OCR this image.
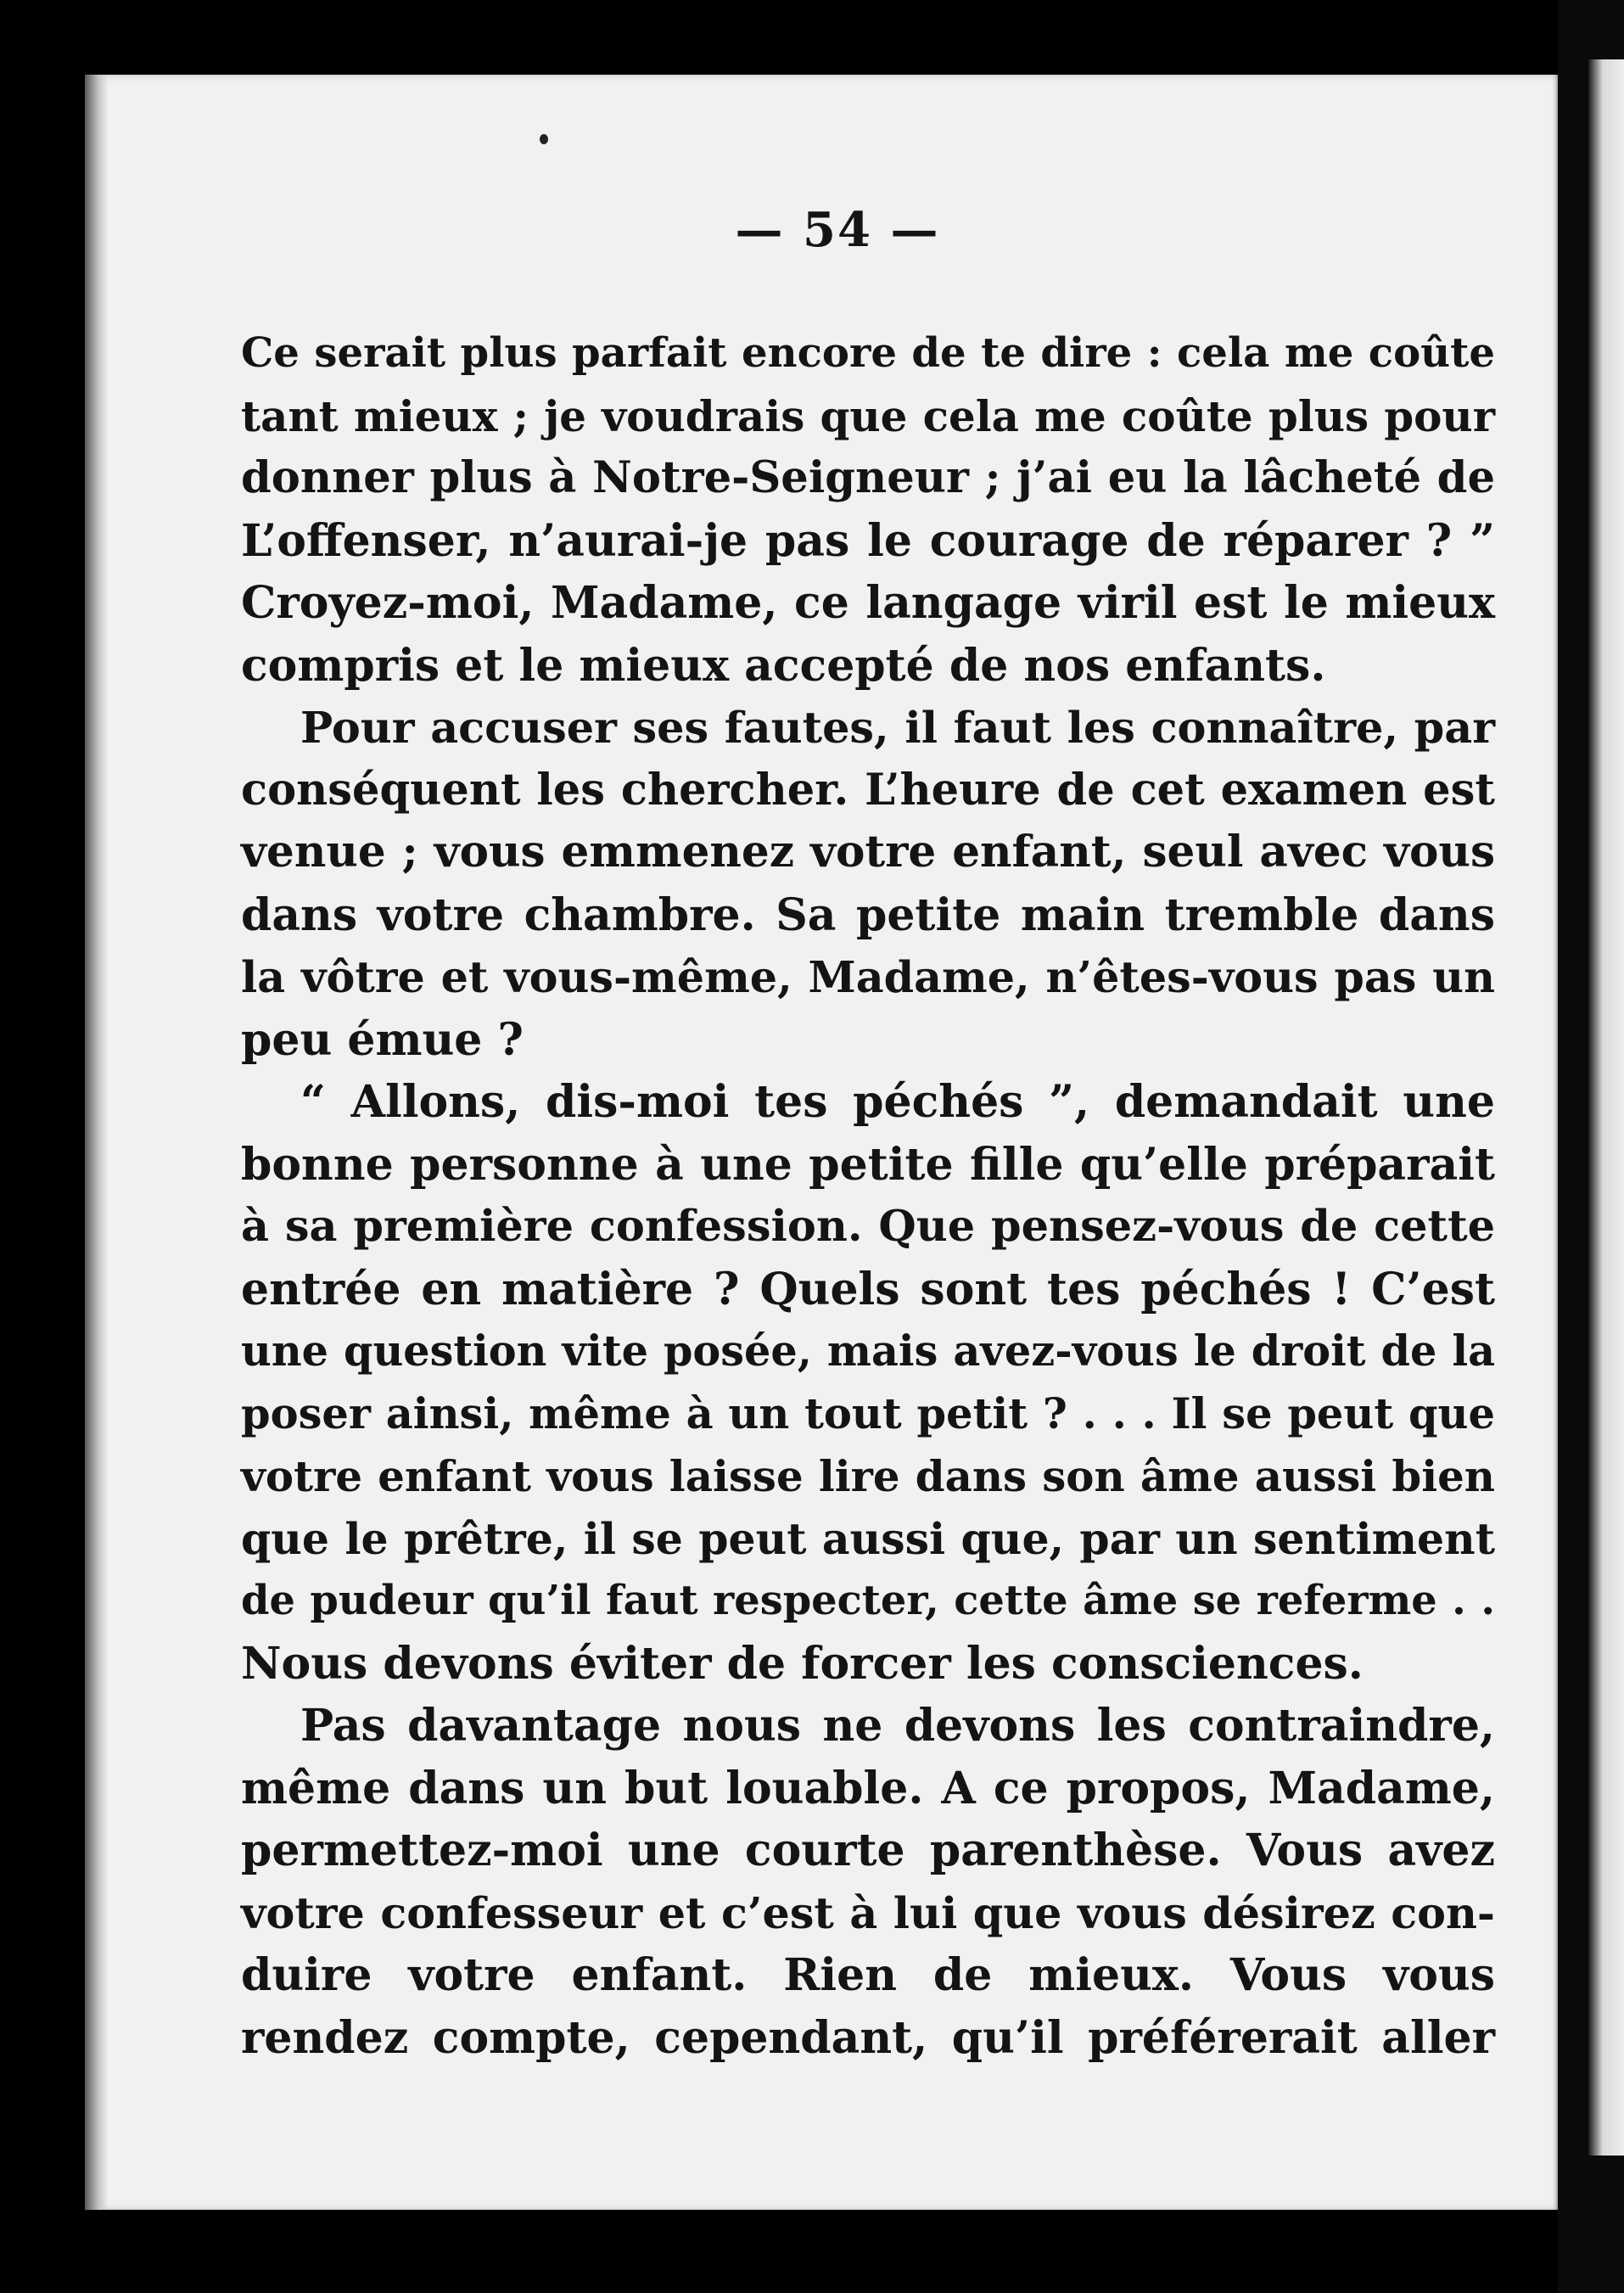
— 54 —
Ce serait plus parfait encore de te dire : cela me coûte
tant mieux ; je voudrais que cela me coûte plus pour
donner plus à Notre-Seigneur ; j’ai eu la lâcheté de
L’offenser, n’aurai-je pas le courage de réparer ? ”
Croyez-moi, Madame, ce langage viril est le mieux
compris et le mieux accepté de nos enfants.
Pour accuser ses fautes, il faut les connaître, par
conséquent les chercher. L’heure de cet examen est
venue ; vous emmenez votre enfant, seul avec vous
dans votre chambre. Sa petite main tremble dans
la vôtre et vous-même, Madame, n’êtes-vous pas un
peu émue ?
“ Allons, dis-moi tes péchés ”, demandait une
bonne personne à une petite fille qu’elle préparait
à sa première confession. Que pensez-vous de cette
entrée en matière ? Quels sont tes péchés ! C’est
une question vite posée, mais avez-vous le droit de la
poser ainsi, même à un tout petit ? . . . Il se peut que
votre enfant vous laisse lire dans son âme aussi bien
que le prêtre, il se peut aussi que, par un sentiment
de pudeur qu’il faut respecter, cette âme se referme . .
Nous devons éviter de forcer les consciences.
Pas davantage nous ne devons les contraindre,
même dans un but louable. A ce propos, Madame,
permettez-moi une courte parenthèse. Vous avez
votre confesseur et c’est à lui que vous désirez con-
duire votre enfant. Rien de mieux. Vous vous
rendez compte, cependant, qu’il préférerait aller
